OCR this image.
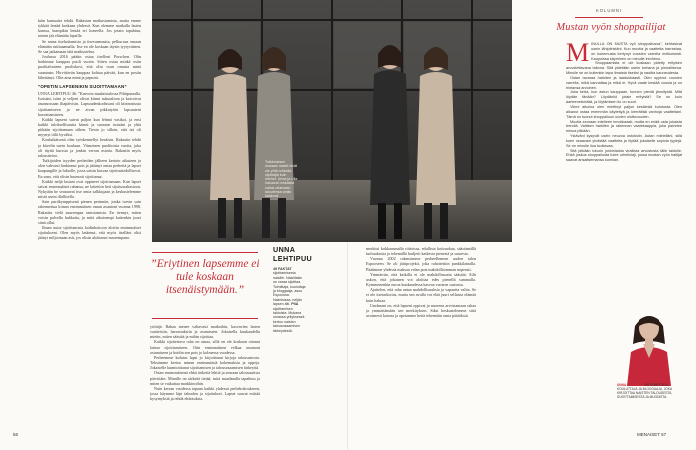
käin kanssaita tehdä. Rakastan matkustamista, mutta emme tykkää lentää koskaan yhdessä. Kun olemme matkalla lasten kanssa, kumpikin lentää eri koneella. Jos jotain tapahtuu, toinen jää elämään lapsille.

Se antaa itsehoitamista ja itsevarmuutta, pelkuruus omaan elämään rutiinaamalla. Itse en ole koskaan täysin tyytyväinen. Se saa jatkamaan tätä matkustelua.

Joulussa 2016 päätin ostaa itselleni Porschen. Olin harkinnut kauppaa puoli vuotta. Siiten ostaa minkä ostin puolitalouteen puoliskosi, että olin osan omasta minä suuntasin. Hirvittävän kauppaa kohtaa päivää, kun en postin lähettänyt. Olin aina minä ja pepuini.

”OPETIN LAPSENIKIN SIJOITTAMAAN”

UNNA LEHTIPUU 46: ”Kasvoin maalaistalossa Pihtiputaalla. Isoisäni, isäni ja veljeni olivat kiinni sukutaloon ja kaivoivat asunnossaan iltapäivisin. Lapsuudenkodissani oli kiinnostusta sijoittamiseen ja ne aivan pikkutytön lapsuuteni kasvattamiseen.

Kaikki lapseni saivat paljon kun lehmä vasikoi, ja ensi kaikki tuloksellisuutta kiinni ja suoraan isoisäni ja yhtä pitkään sijoittamaan siihen. Tiesin jo silloin, että isä oli myynyt tiilit hyväksi.

Kouluikäisenä olen työskennellyt kesäisin. Rakastin tehdä ja kävelin usein kouluun. Viimeinen puolitoista vuotta, joka oli täyttä kurssia ja jonkin verran asioita. Rakastin myös taloustietoa.

Tutkijoiden isyyden perheiden jälkeen kertoin aikuinen ja olen vahvasti harkinnut pois ja jättänyt omaa perhettä ja lapset kaupungille ja lukiolle, jossa saisin kasvaa sijoitustiedollisesti. En sano, että olisin huonosti sijoittanut.

Kaikki neljä lastani ovat oppineet sijoittamaan. Kun lapset saivat ensimmäiset rahansa, ne laitettiin heti sijoitusrahastoon. Nykyään he seuraavat itse omia salkkujaan ja keskustelemme niistä usein illallisella.

Sain pariikymppisenä pienen perinnön, jonka turvin sain rakennettua kiinan ensimmäisen oman asuntoni vuonna 1998. Rakastin vielä suurempaa omistamista. En tiennyt, miten voisin palvella hakkaita, ja mitä aikaisempi kuitenkin juuri siinä ollut.

Ilman uutta sijoittamista kodinhoitoon aloitin ensimmäiset sijoitukseni. Olen myös laskenut, että myös itselläni olisi jäänyt miljoonaan asti, jos olisin aloittanut nuorempana.

Tutkimuksen mukaan naiset eivät ole yhtä rohkeita sijoittajia kuin miehet. Unna ja Ulla haluavat rohkaista naisia ottamaan taloutensa omiin käsiinsä.
”Eriytinen lapsemme ei tule koskaan itsenäistymään.”

yrittäjä. Rahaa menee valtavasti matkoihin, kasvavien lasten vaatteisiin, harrastuksiin ja asumiseen. Jokaisella kuukaudella mietin, miten säästää ja mihin sijoittaa.

Kaikki sijoitettava raha on omaa, sillä en ole koskaan ottanut lainaa sijoittamiseen. Otin ensimmäisen velkaa asuntoni ostamiseen ja hoidin sen pois jo kolmessa vuodessa.

Perheemme kulutus lapsi jo kirjoittanut kirjoja talousasiosta. Tekstimme kertoo minun ensimmäisiä kokemuksia ja oppeja. Jokaiselle kunnioittanut sijoittamisen ja talousosaamisen tärkeyttä.

Ostan ensimmäisenä ehkä tärkeitä lehtiä ja seuraan talousuutisia päivittäin. Minulle on tärkeää tietää, mitä maailmalla tapahtuu ja miten se vaikuttaa markkinoihin.

Nuin kerran vuodessa tapaan kaikki yhdessä perhekokoukseen, jossa käymme läpi talouden ja sijoitukset. Lapset saavat esittää kysymyksiä ja tehdä ehdotuksia.

UNNA LEHTIPUU
49 FAKTAT sijoittamisesta naisille. Naisillakin on varaa sijoittaa. Toimittaja, kouluttaja ja bloggaaja, asuu Espoossa. Naimisissa, neljän lapsen äiti. PIIA sijoittamisen taidoista. Mukana omassa yrityksessä kertoo naisten talousosaamisen tärkeydestä.

merkitsi kokkausmalla riittoissa, edullista kotiruokaa, säästämällä turhuuksista ja tekemällä budjetti kaikesta pienestä ja suuresta.

Vuonna 2002 rakensimme perheellemme uuden talon Espooseen. Se oli jättiprojekti, joka rahoitettiin pankkilainalla. Päätimme yhdessä maksaa velan pois mahdollisimman nopeasti.

Ymmärrän, että kaikilla ei ole mahdollisuutta säästää. Silti uskon, että jokainen voi aloittaa edes pienellä summalla. Kymmenenkin euroa kuukaudessa kasvaa vuosien saatossa.

Ajattelen, että raha antaa mahdollisuuksia ja vapautta valita. Se ei ole itsetarkoitus, mutta sen avulla voi elää juuri sellaista elämää kuin haluaa.

Unelmani on, että lapseni oppivat jo nuorena arvostamaan rahaa ja ymmärtämään sen merkityksen. Siksi keskustelemme siitä avoimesti kotona ja opetamme heitä tekemään omia päätöksiä.

KOLUMNI
Mustan vyön shoppailijat
M INULLA ON MUSTA vyö shoppailussa”, kehtasivat usein lähipiiristäni. Kun muotia ja vaatteita harrastaa, on kokemusta kertynyt vuosien varrella melkoisesti. Kaupoissa käyminen on minulle intohimo.

Shoppaamista ei ole koskaan pidetty erityisen arvostettavana taitona. Sitä pidetään usein turhana ja pinnallisena. Minulle se on kuitenkin tapa ilmaista itseäni ja nauttia kauneudesta.

Ostan tavaraa harkiten ja laadukkaasti. Olen oppinut vuosien varrella, mikä kannattaa ja mikä ei. Hyvä vaate kestää vuosia ja on hintansa arvoinen.

Joka kerta, kun astun kauppaan, tunnen pientä jännitystä. Mitä löydän tänään? Löydänkö jotain erityistä? Se on kuin aarteenetsintää, ja löytämisen ilo on suuri.

Viime aikoina olen miettinyt paljon kestävää kulutusta. Olen alkanut ostaa enemmän käytettyä ja kierrättää vanhoja vaatteitani. Tämä on tuonut shoppailuun uuden ulottuvuuden.

Muotia seuraan edelleen innokkaasti, mutta en enää osta jokaista trendiä. Valitsen harkiten ja rakennan vaatekaappia, joka palvelee minua pitkään.

Ystäväni kysyvät usein neuvoa ostoksiin. Autan mielelläni, sillä koen osaavani yhdistää vaatteita ja löytää jokaiselle sopivia tyylejä. Se on minulle iloa tuottavaa.

Sitä pitkään toivoin jonkinlaista virallista arvostusta tälle taidolle. Ehkä joskus shoppailusta tulee urheilulaji, jossa mustan vyön haltijat saavat ansaitsemansa kunnian.

UNNA LEHTIPUU ON TOIMITTAJA, KOULUTTAJA JA BLOGGAAJA, JOKA KIRJOITTAA NAISTEN TALOUDESTA, SIJOITTAMISESTA JA MUODISTA.
56	MENAISET 57
